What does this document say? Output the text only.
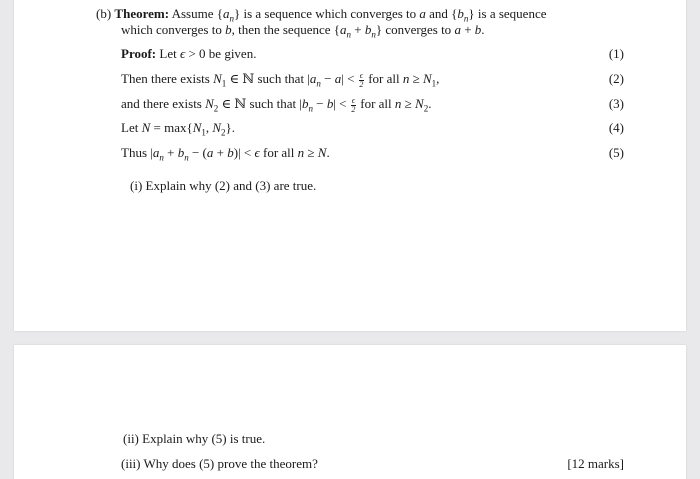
(b) Theorem: Assume $\{a_n\}$ is a sequence which converges to a and $\{b_n\}$ is a sequence
which converges to b, then the sequence $\{a_n + b_n\}$ converges to a + b.
Proof: Let ϵ > 0 be given.	(1)
Then there exists $N_1$ ∈ ℕ such that $|a_n - a| < \frac{\epsilon}{2}$ for all $n \ge N_1$,	(2)
and there exists $N_2$ ∈ ℕ such that $|b_n - b| < \frac{\epsilon}{2}$ for all $n \ge N_2$.	(3)
Let $N = \max\{N_1$, $N_2$}.	(4)
Thus $|a_n + b_n - (a + b)| < \epsilon$ for all n ≥ N.	(5)
(i) Explain why (2) and (3) are true.
(ii) Explain why (5) is true.
(iii) Why does (5) prove the theorem?	[12 marks]
